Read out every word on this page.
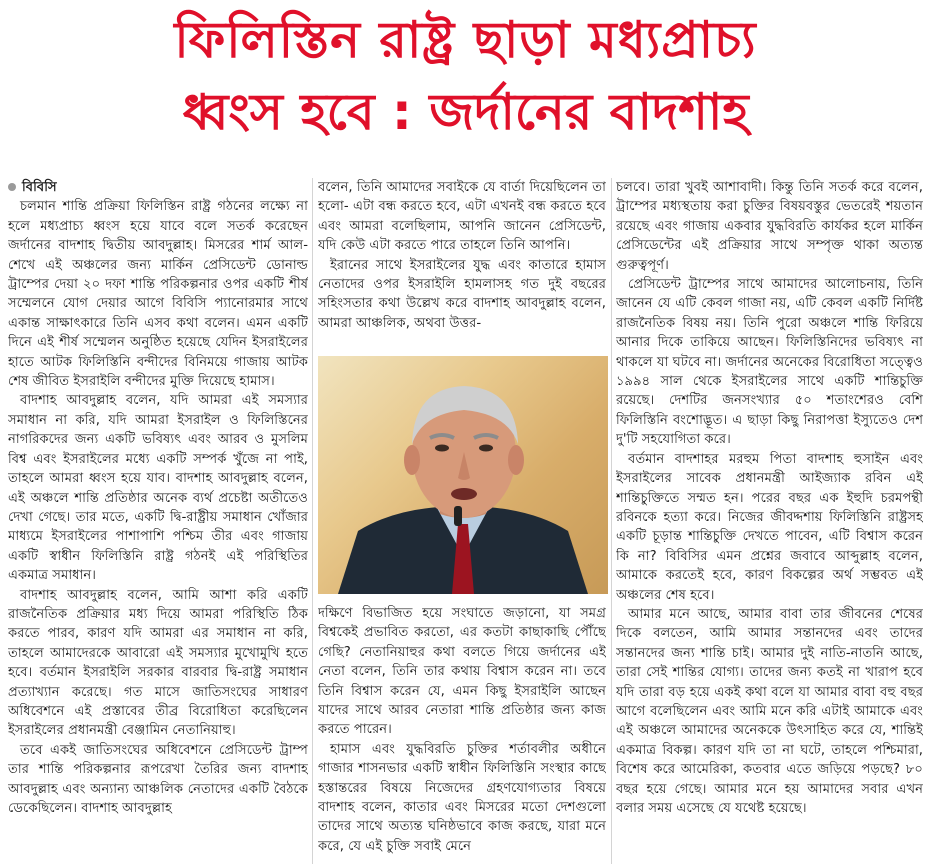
ফিলিস্তিন রাষ্ট্র ছাড়া মধ্যপ্রাচ্য
ধ্বংস হবে : জর্দানের বাদশাহ
বিবিসি

চলমান শান্তি প্রক্রিয়া ফিলিস্তিন রাষ্ট্র গঠনের লক্ষ্যে না হলে মধ্যপ্রাচ্য ধ্বংস হয়ে যাবে বলে সতর্ক করেছেন জর্দানের বাদশাহ দ্বিতীয় আবদুল্লাহ। মিসরের শার্ম আল-শেখে এই অঞ্চলের জন্য মার্কিন প্রেসিডেন্ট ডোনাল্ড ট্রাম্পের দেয়া ২০ দফা শান্তি পরিকল্পনার ওপর একটি শীর্ষ সম্মেলনে যোগ দেয়ার আগে বিবিসি প্যানোরমার সাথে একান্ত সাক্ষাৎকারে তিনি এসব কথা বলেন। এমন একটি দিনে এই শীর্ষ সম্মেলন অনুষ্ঠিত হয়েছে যেদিন ইসরাইলের হাতে আটক ফিলিস্তিনি বন্দীদের বিনিময়ে গাজায় আটক শেষ জীবিত ইসরাইলি বন্দীদের মুক্তি দিয়েছে হামাস।

বাদশাহ আবদুল্লাহ বলেন, যদি আমরা এই সমস্যার সমাধান না করি, যদি আমরা ইসরাইল ও ফিলিস্তিনের নাগরিকদের জন্য একটি ভবিষ্যৎ এবং আরব ও মুসলিম বিশ্ব এবং ইসরাইলের মধ্যে একটি সম্পর্ক খুঁজে না পাই, তাহলে আমরা ধ্বংস হয়ে যাব। বাদশাহ আবদুল্লাহ বলেন, এই অঞ্চলে শান্তি প্রতিষ্ঠার অনেক ব্যর্থ প্রচেষ্টা অতীতেও দেখা গেছে। তার মতে, একটি দ্বি-রাষ্ট্রীয় সমাধান খোঁজার মাধ্যমে ইসরাইলের পাশাপাশি পশ্চিম তীর এবং গাজায় একটি স্বাধীন ফিলিস্তিনি রাষ্ট্র গঠনই এই পরিস্থিতির একমাত্র সমাধান।

বাদশাহ আবদুল্লাহ বলেন, আমি আশা করি একটি রাজনৈতিক প্রক্রিয়ার মধ্য দিয়ে আমরা পরিস্থিতি ঠিক করতে পারব, কারণ যদি আমরা এর সমাধান না করি, তাহলে আমাদেরকে আবারো এই সমস্যার মুখোমুখি হতে হবে। বর্তমান ইসরাইলি সরকার বারবার দ্বি-রাষ্ট্র সমাধান প্রত্যাখ্যান করেছে। গত মাসে জাতিসংঘের সাধারণ অধিবেশনে এই প্রস্তাবের তীব্র বিরোধিতা করেছিলেন ইসরাইলের প্রধানমন্ত্রী বেঞ্জামিন নেতানিয়াহু।

তবে একই জাতিসংঘের অধিবেশনে প্রেসিডেন্ট ট্রাম্প তার শান্তি পরিকল্পনার রূপরেখা তৈরির জন্য বাদশাহ আবদুল্লাহ এবং অন্যান্য আঞ্চলিক নেতাদের একটি বৈঠকে ডেকেছিলেন। বাদশাহ আবদুল্লাহ

বলেন, তিনি আমাদের সবাইকে যে বার্তা দিয়েছিলেন তা হলো- এটা বন্ধ করতে হবে, এটা এখনই বন্ধ করতে হবে এবং আমরা বলেছিলাম, আপনি জানেন প্রেসিডেন্ট, যদি কেউ এটা করতে পারে তাহলে তিনি আপনি।

ইরানের সাথে ইসরাইলের যুদ্ধ এবং কাতারে হামাস নেতাদের ওপর ইসরাইলি হামলাসহ গত দুই বছরের সহিংসতার কথা উল্লেখ করে বাদশাহ আবদুল্লাহ বলেন, আমরা আঞ্চলিক, অথবা উত্তর-

দক্ষিণে বিভাজিত হয়ে সংঘাতে জড়ানো, যা সমগ্র বিশ্বকেই প্রভাবিত করতো, এর কতটা কাছাকাছি পৌঁছে গেছি? নেতানিয়াহুর কথা বলতে গিয়ে জর্দানের এই নেতা বলেন, তিনি তার কথায় বিশ্বাস করেন না। তবে তিনি বিশ্বাস করেন যে, এমন কিছু ইসরাইলি আছেন যাদের সাথে আরব নেতারা শান্তি প্রতিষ্ঠার জন্য কাজ করতে পারেন।

হামাস এবং যুদ্ধবিরতি চুক্তির শর্তাবলীর অধীনে গাজার শাসনভার একটি স্বাধীন ফিলিস্তিনি সংস্থার কাছে হস্তান্তরের বিষয়ে নিজেদের গ্রহণযোগ্যতার বিষয়ে বাদশাহ বলেন, কাতার এবং মিসরের মতো দেশগুলো তাদের সাথে অত্যন্ত ঘনিষ্ঠভাবে কাজ করছে, যারা মনে করে, যে এই চুক্তি সবাই মেনে

চলবে। তারা খুবই আশাবাদী। কিন্তু তিনি সতর্ক করে বলেন, ট্রাম্পের মধ্যস্থতায় করা চুক্তির বিষয়বস্তুর ভেতরেই শয়তান রয়েছে এবং গাজায় একবার যুদ্ধবিরতি কার্যকর হলে মার্কিন প্রেসিডেন্টের এই প্রক্রিয়ার সাথে সম্পৃক্ত থাকা অত্যন্ত গুরুত্বপূর্ণ।

প্রেসিডেন্ট ট্রাম্পের সাথে আমাদের আলোচনায়, তিনি জানেন যে এটি কেবল গাজা নয়, এটি কেবল একটি নির্দিষ্ট রাজনৈতিক বিষয় নয়। তিনি পুরো অঞ্চলে শান্তি ফিরিয়ে আনার দিকে তাকিয়ে আছেন। ফিলিস্তিনিদের ভবিষ্যৎ না থাকলে যা ঘটবে না। জর্দানের অনেকের বিরোধিতা সত্ত্বেও ১৯৯৪ সাল থেকে ইসরাইলের সাথে একটি শান্তিচুক্তি রয়েছে। দেশটির জনসংখ্যার ৫০ শতাংশেরও বেশি ফিলিস্তিনি বংশোদ্ভূত। এ ছাড়া কিছু নিরাপত্তা ইস্যুতেও দেশ দু'টি সহযোগিতা করে।

বর্তমান বাদশাহর মরহুম পিতা বাদশাহ হুসাইন এবং ইসরাইলের সাবেক প্রধানমন্ত্রী আইজ্যাক রবিন এই শান্তিচুক্তিতে সম্মত হন। পরের বছর এক ইহুদি চরমপন্থী রবিনকে হত্যা করে। নিজের জীবদ্দশায় ফিলিস্তিনি রাষ্ট্রসহ একটি চূড়ান্ত শান্তিচুক্তি দেখতে পাবেন, এটি বিশ্বাস করেন কি না? বিবিসির এমন প্রশ্নের জবাবে আব্দুল্লাহ বলেন, আমাকে করতেই হবে, কারণ বিকল্পের অর্থ সম্ভবত এই অঞ্চলের শেষ হবে।

আমার মনে আছে, আমার বাবা তার জীবনের শেষের দিকে বলতেন, আমি আমার সন্তানদের এবং তাদের সন্তানদের জন্য শান্তি চাই। আমার দুই নাতি-নাতনি আছে, তারা সেই শান্তির যোগ্য। তাদের জন্য কতই না খারাপ হবে যদি তারা বড় হয়ে একই কথা বলে যা আমার বাবা বহু বছর আগে বলেছিলেন এবং আমি মনে করি এটাই আমাকে এবং এই অঞ্চলে আমাদের অনেককে উৎসাহিত করে যে, শান্তিই একমাত্র বিকল্প। কারণ যদি তা না ঘটে, তাহলে পশ্চিমারা, বিশেষ করে আমেরিকা, কতবার এতে জড়িয়ে পড়ছে? ৮০ বছর হয়ে গেছে। আমার মনে হয় আমাদের সবার এখন বলার সময় এসেছে যে যথেষ্ট হয়েছে।
